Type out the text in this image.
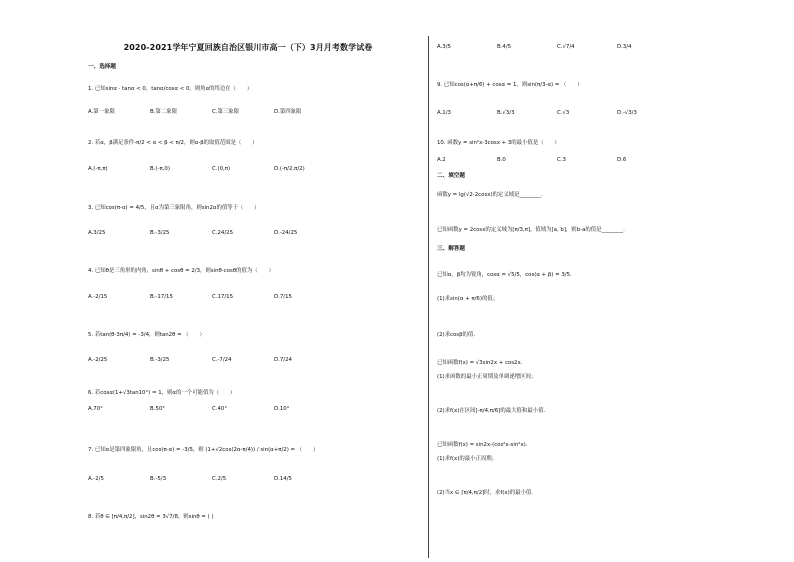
2020-2021学年宁夏回族自治区银川市高一（下）3月月考数学试卷
一、选择题
1. 已知sinα · tanα < 0，tanα/cosα < 0，则角α的终边在（　　）
A.第一象限	B.第二象限	C.第三象限	D.第四象限
2. 若α，β满足条件-π/2 < α < β < π/2，则α-β的取值范围是（　　）
A.(-π,π)	B.(-π,0)	C.(0,π)	D.(-π/2,π/2)
3. 已知cos(π-α) = 4/5，且α为第三象限角，则sin2α的值等于（　　）
A.3/25	B.-3/25	C.24/25	D.-24/25
4. 已知θ是三角形的内角，sinθ + cosθ = 2/3，则sinθ-cosθ的值为（　　）
A.-2/15	B.-17/15	C.17/15	D.7/15
5. 若tan(θ-3π/4) = -3/4，则tan2θ = （　　）
A.-2/25	B.-3/25	C.-7/24	D.7/24
6. 若cosα(1+√3tan10°) = 1，则α的一个可能值为（　　）
A.70°	B.50°	C.40°	D.10°
7. 已知α是第四象限角，且cos(π-α) = -3/5，则 (1+√2cos(2α-π/4)) / sin(α+π/2) = （　　）
A.-2/5	B.-5/3	C.2/5	D.14/5
8. 若θ ∈ [π/4,π/2]，sin2θ = 3√7/8，则sinθ = ( )
A.3/5	B.4/5	C.√7/4	D.3/4
9. 已知cos(α+π/6) + cosα = 1，则sin(π/3-α) = （　　）
A.1/3	B.√3/3	C.√3	D.-√3/3
10. 函数y = sin²x-3cosx + 3的最小值是（　　）
A.2	B.0	C.3	D.6
二、填空题
函数y = lg(√2-2cosx)的定义域是________.
已知函数y = 2cosx的定义域为[π/3,π]，值域为[a, b]，则b-a的值是________.
三、解答题
已知α，β均为锐角，cosα = √5/5，cos(α + β) = 3/5.
(1)求sin(α + π/6)的值；
(2)求cosβ的值.
已知函数f(x) = √3sin2x + cos2x.
(1)求函数的最小正周期及单调递增区间；
(2)求f(x)在区间[-π/4,π/6]的最大值和最小值.
已知函数f(x) = sin2x-(cos²x-sin²x).
(1)求f(x)的最小正周期；
(2)当x ∈ [π/4,π/2]时，求f(x)的最小值.
